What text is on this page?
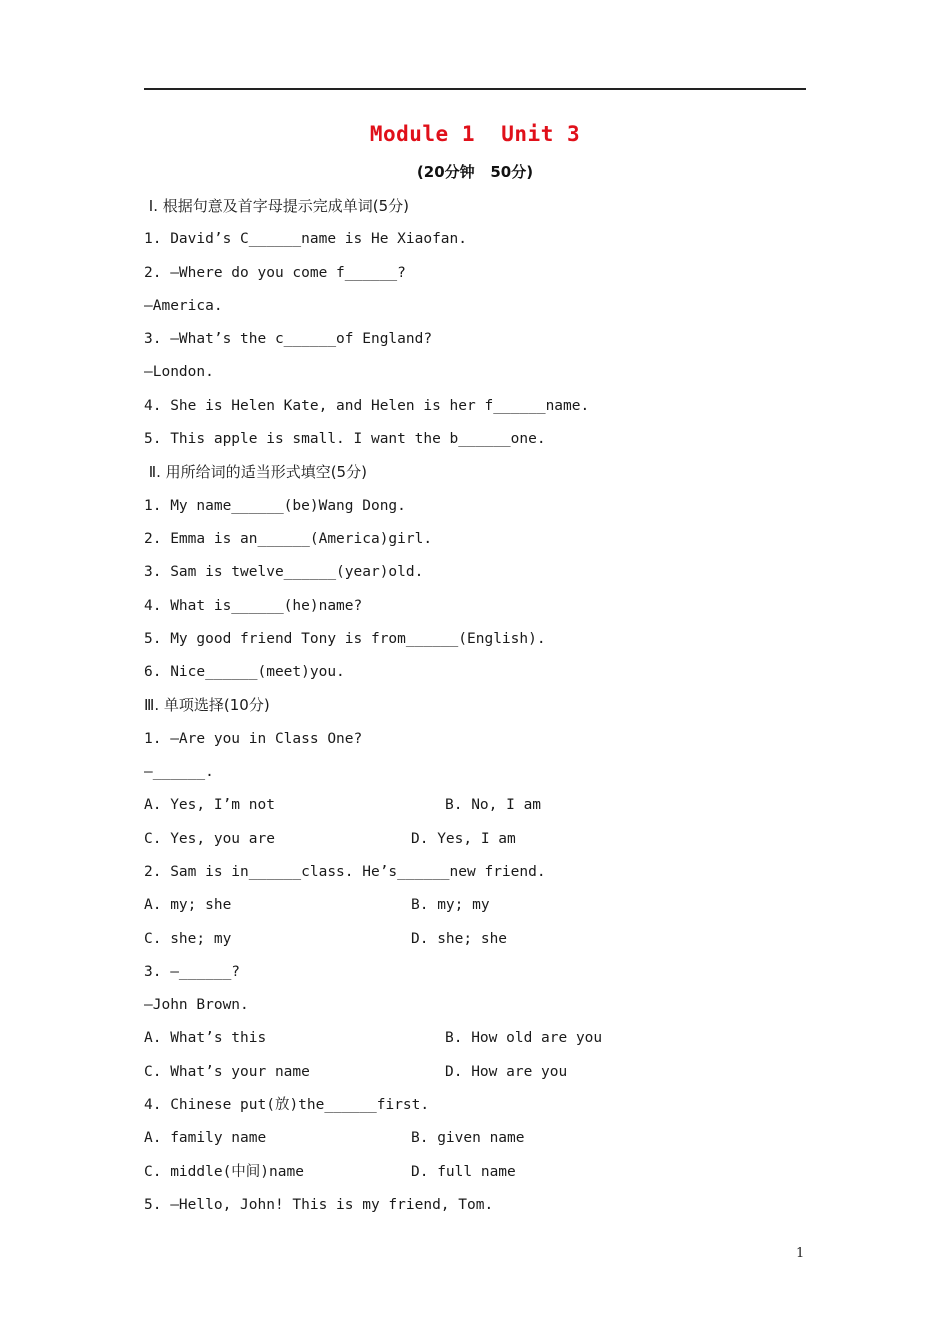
Module 1  Unit 3
(20分钟   50分)
Ⅰ. 根据句意及首字母提示完成单词(5分)
1. David’s C______name is He Xiaofan.
2. —Where do you come f______?
—America.
3. —What’s the c______of England?
—London.
4. She is Helen Kate, and Helen is her f______name.
5. This apple is small. I want the b______one.
Ⅱ. 用所给词的适当形式填空(5分)
1. My name______(be)Wang Dong.
2. Emma is an______(America)girl.
3. Sam is twelve______(year)old.
4. What is______(he)name?
5. My good friend Tony is from______(English).
6. Nice______(meet)you.
Ⅲ. 单项选择(10分)
1. —Are you in Class One?
—______.
A. Yes, I’m not	B. No, I am
C. Yes, you are	D. Yes, I am
2. Sam is in______class. He’s______new friend.
A. my; she	B. my; my
C. she; my	D. she; she
3. —______?
—John Brown.
A. What’s this	B. How old are you
C. What’s your name	D. How are you
4. Chinese put(放)the______first.
A. family name	B. given name
C. middle(中间)name	D. full name
5. —Hello, John! This is my friend, Tom.
1
